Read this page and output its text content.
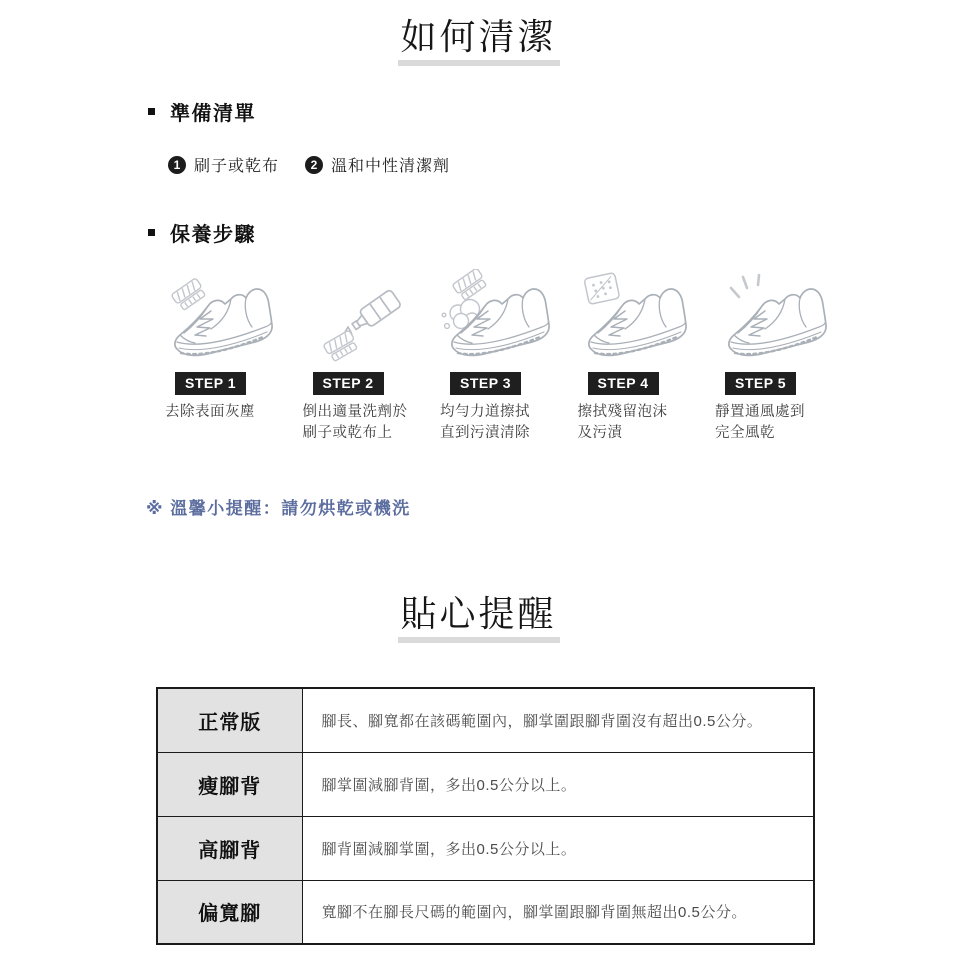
如何清潔
準備清單
1 刷子或乾布	2 溫和中性清潔劑
保養步驟
STEP 1
去除表面灰塵
STEP 2
倒出適量洗劑於
刷子或乾布上
STEP 3
均勻力道擦拭
直到污漬清除
STEP 4
擦拭殘留泡沫
及污漬
STEP 5
靜置通風處到
完全風乾
※ 溫馨小提醒：請勿烘乾或機洗
貼心提醒
正常版	腳長、腳寬都在該碼範圍內，腳掌圍跟腳背圍沒有超出0.5公分。
瘦腳背	腳掌圍減腳背圍，多出0.5公分以上。
高腳背	腳背圍減腳掌圍，多出0.5公分以上。
偏寬腳	寬腳不在腳長尺碼的範圍內，腳掌圍跟腳背圍無超出0.5公分。
